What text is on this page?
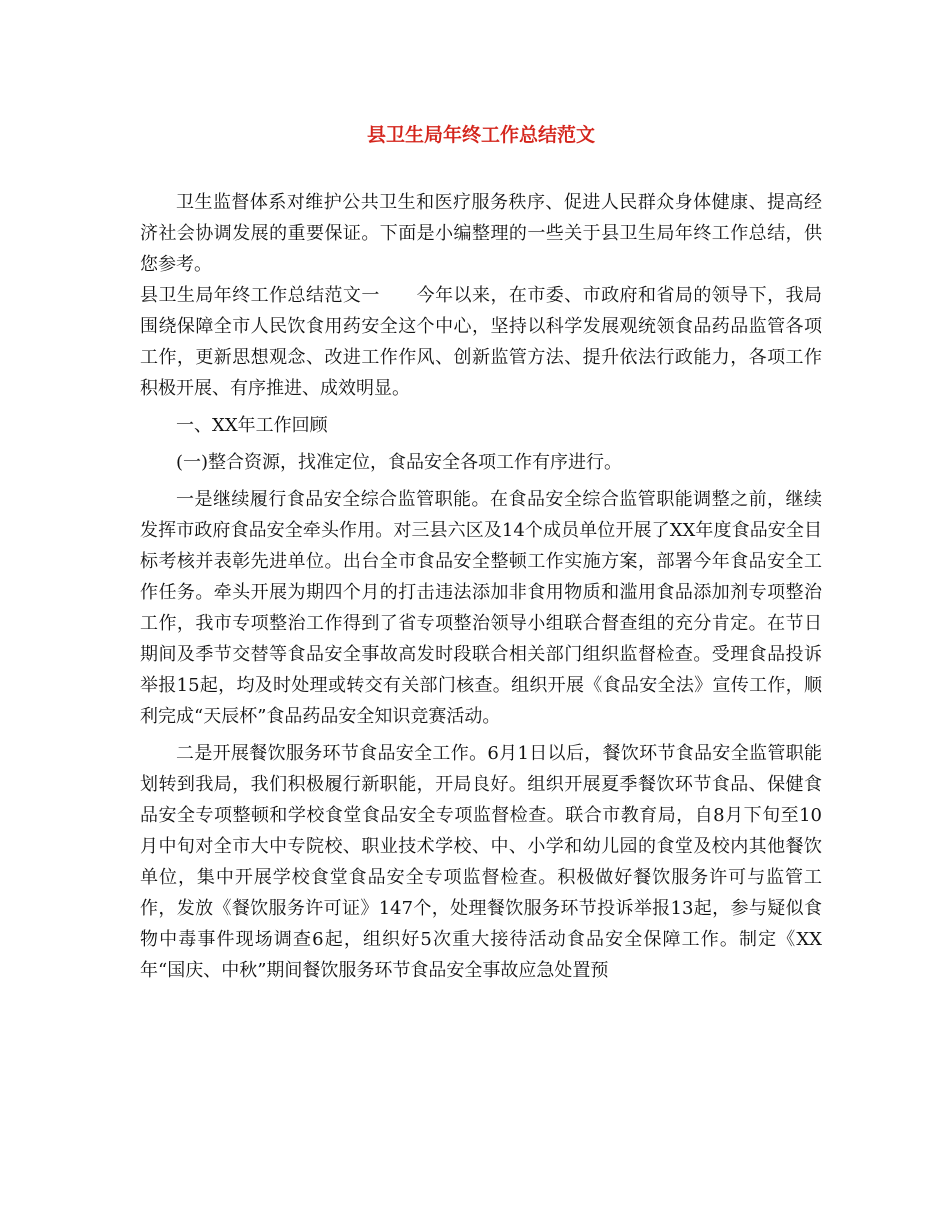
县卫生局年终工作总结范文

卫生监督体系对维护公共卫生和医疗服务秩序、促进人民群众身体健康、提高经济社会协调发展的重要保证。下面是小编整理的一些关于县卫生局年终工作总结，供您参考。

县卫生局年终工作总结范文一　　今年以来，在市委、市政府和省局的领导下，我局围绕保障全市人民饮食用药安全这个中心，坚持以科学发展观统领食品药品监管各项工作，更新思想观念、改进工作作风、创新监管方法、提升依法行政能力，各项工作积极开展、有序推进、成效明显。

一、XX年工作回顾

(一)整合资源，找准定位，食品安全各项工作有序进行。

一是继续履行食品安全综合监管职能。在食品安全综合监管职能调整之前，继续发挥市政府食品安全牵头作用。对三县六区及14个成员单位开展了XX年度食品安全目标考核并表彰先进单位。出台全市食品安全整顿工作实施方案，部署今年食品安全工作任务。牵头开展为期四个月的打击违法添加非食用物质和滥用食品添加剂专项整治工作，我市专项整治工作得到了省专项整治领导小组联合督查组的充分肯定。在节日期间及季节交替等食品安全事故高发时段联合相关部门组织监督检查。受理食品投诉举报15起，均及时处理或转交有关部门核查。组织开展《食品安全法》宣传工作，顺利完成“天辰杯”食品药品安全知识竞赛活动。

二是开展餐饮服务环节食品安全工作。6月1日以后，餐饮环节食品安全监管职能划转到我局，我们积极履行新职能，开局良好。组织开展夏季餐饮环节食品、保健食品安全专项整顿和学校食堂食品安全专项监督检查。联合市教育局，自8月下旬至10月中旬对全市大中专院校、职业技术学校、中、小学和幼儿园的食堂及校内其他餐饮单位，集中开展学校食堂食品安全专项监督检查。积极做好餐饮服务许可与监管工作，发放《餐饮服务许可证》147个，处理餐饮服务环节投诉举报13起，参与疑似食物中毒事件现场调查6起，组织好5次重大接待活动食品安全保障工作。制定《XX年“国庆、中秋”期间餐饮服务环节食品安全事故应急处置预
